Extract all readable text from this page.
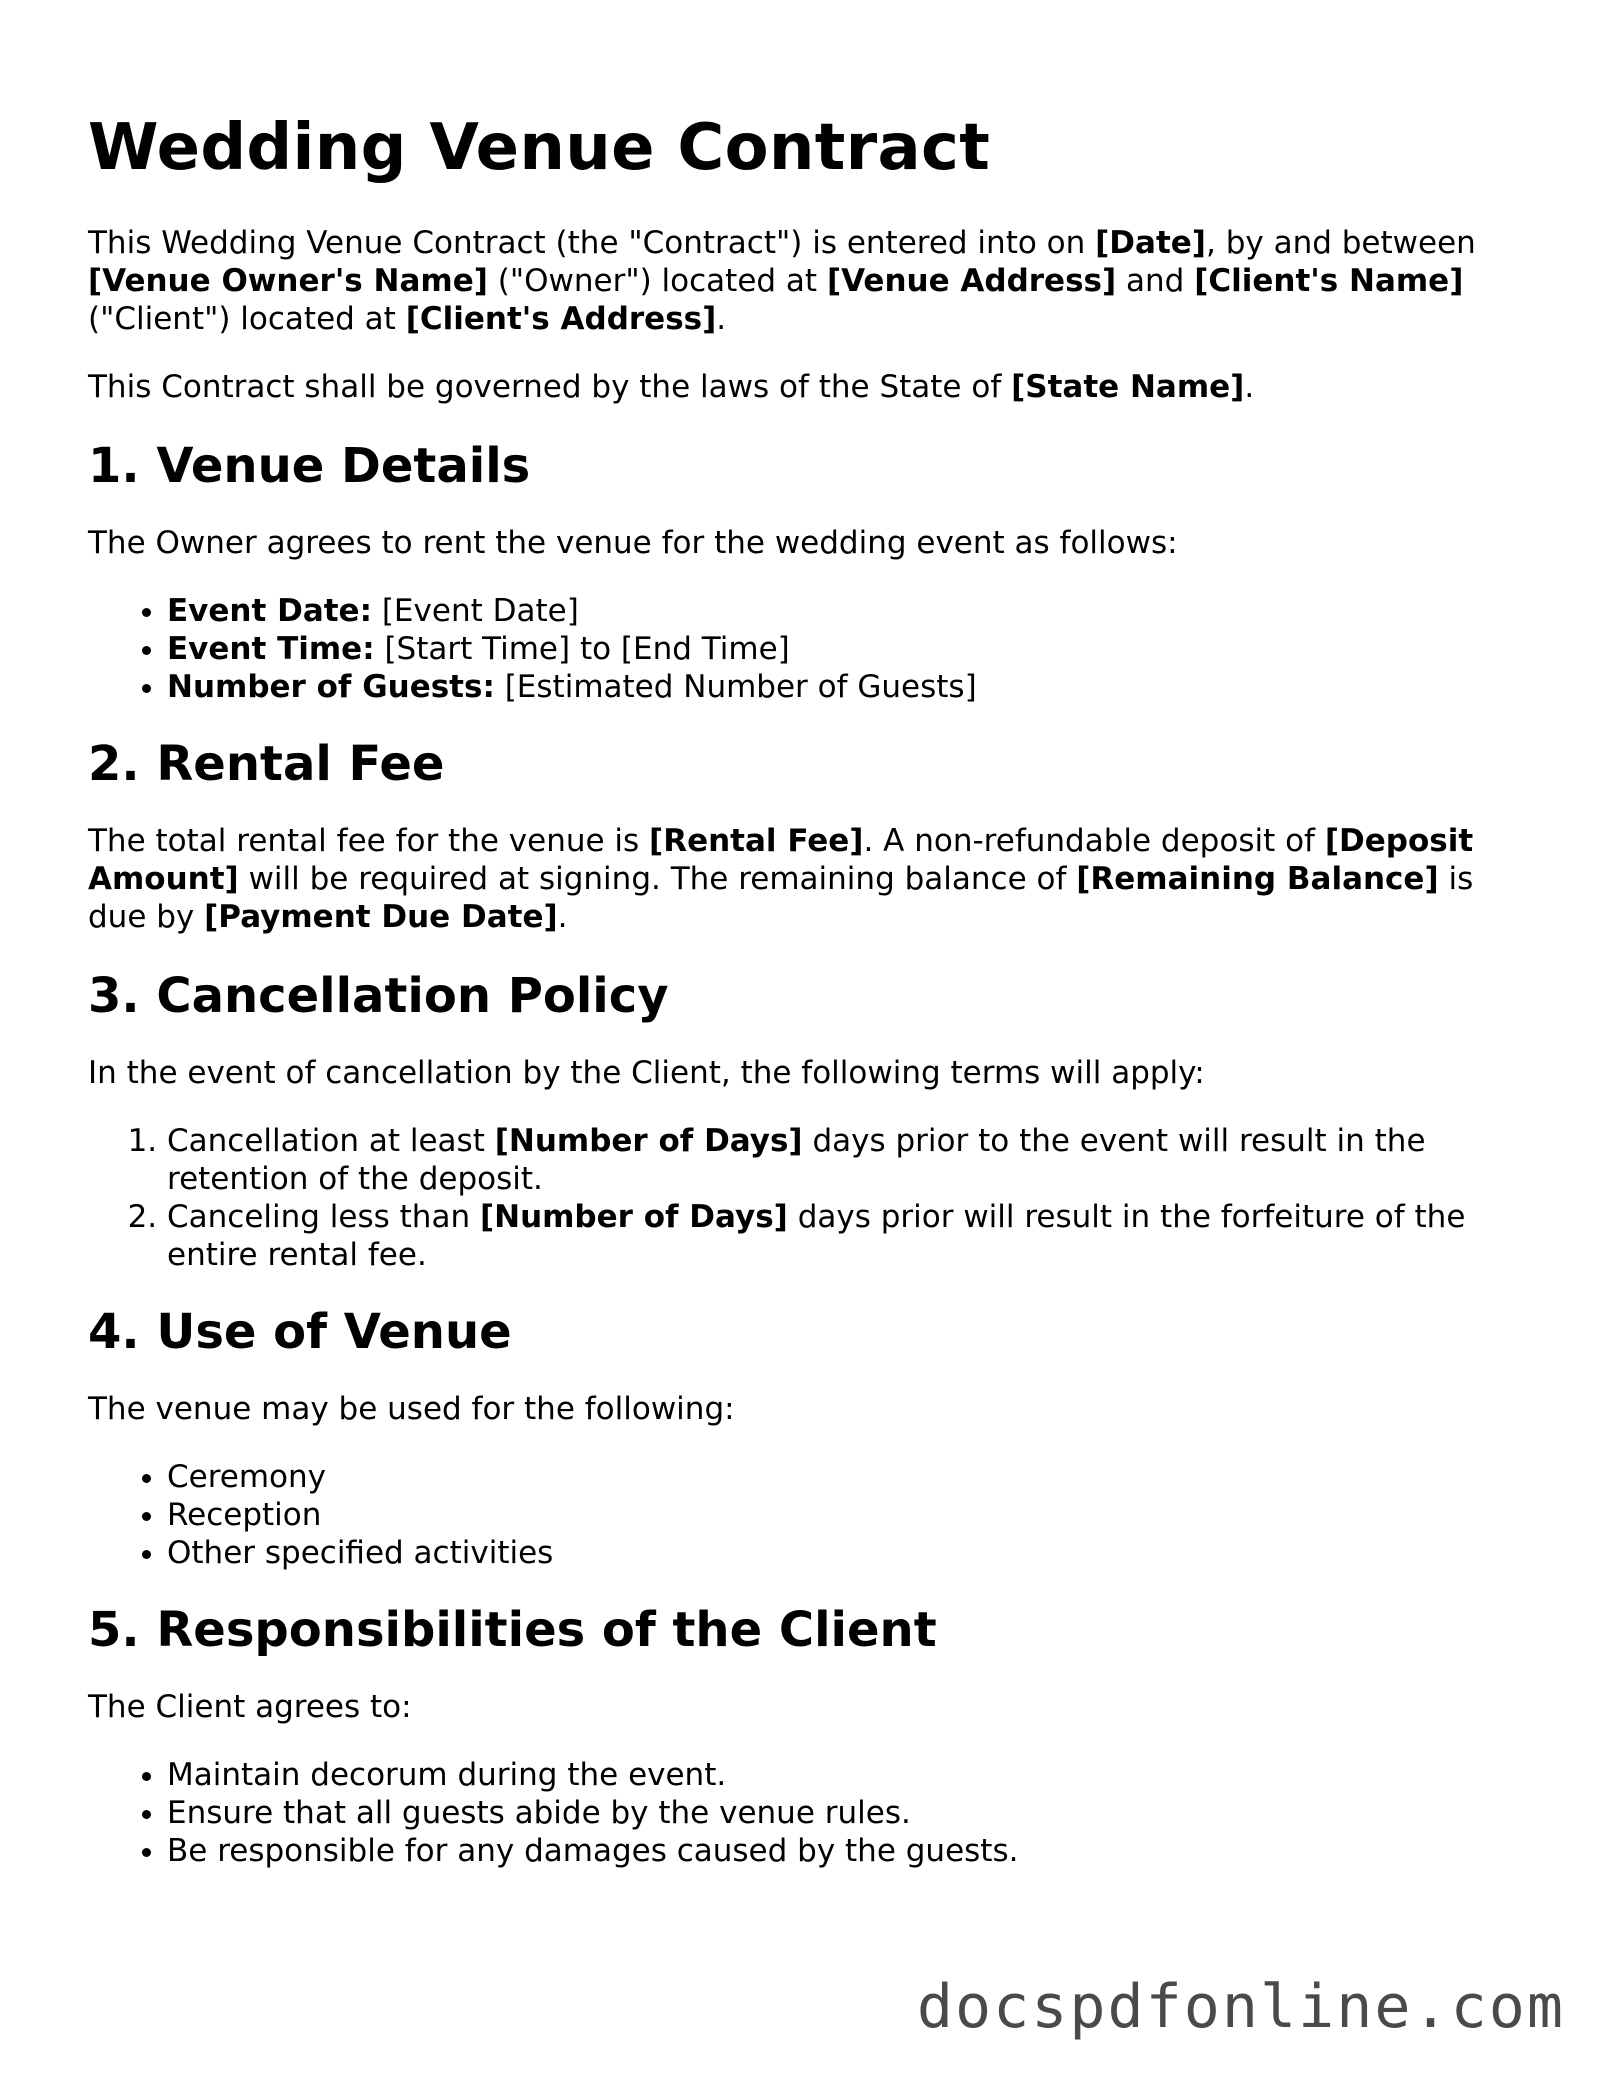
Wedding Venue Contract

This Wedding Venue Contract (the "Contract") is entered into on [Date], by and between [Venue Owner's Name] ("Owner") located at [Venue Address] and [Client's Name] ("Client") located at [Client's Address].

This Contract shall be governed by the laws of the State of [State Name].

1. Venue Details

The Owner agrees to rent the venue for the wedding event as follows:

• Event Date: [Event Date]
• Event Time: [Start Time] to [End Time]
• Number of Guests: [Estimated Number of Guests]
2. Rental Fee

The total rental fee for the venue is [Rental Fee]. A non-refundable deposit of [Deposit Amount] will be required at signing. The remaining balance of [Remaining Balance] is due by [Payment Due Date].

3. Cancellation Policy

In the event of cancellation by the Client, the following terms will apply:

1. Cancellation at least [Number of Days] days prior to the event will result in the retention of the deposit.
2. Canceling less than [Number of Days] days prior will result in the forfeiture of the entire rental fee.
4. Use of Venue

The venue may be used for the following:

• Ceremony
• Reception
• Other specified activities
5. Responsibilities of the Client

The Client agrees to:

• Maintain decorum during the event.
• Ensure that all guests abide by the venue rules.
• Be responsible for any damages caused by the guests.
docspdfonline.com
